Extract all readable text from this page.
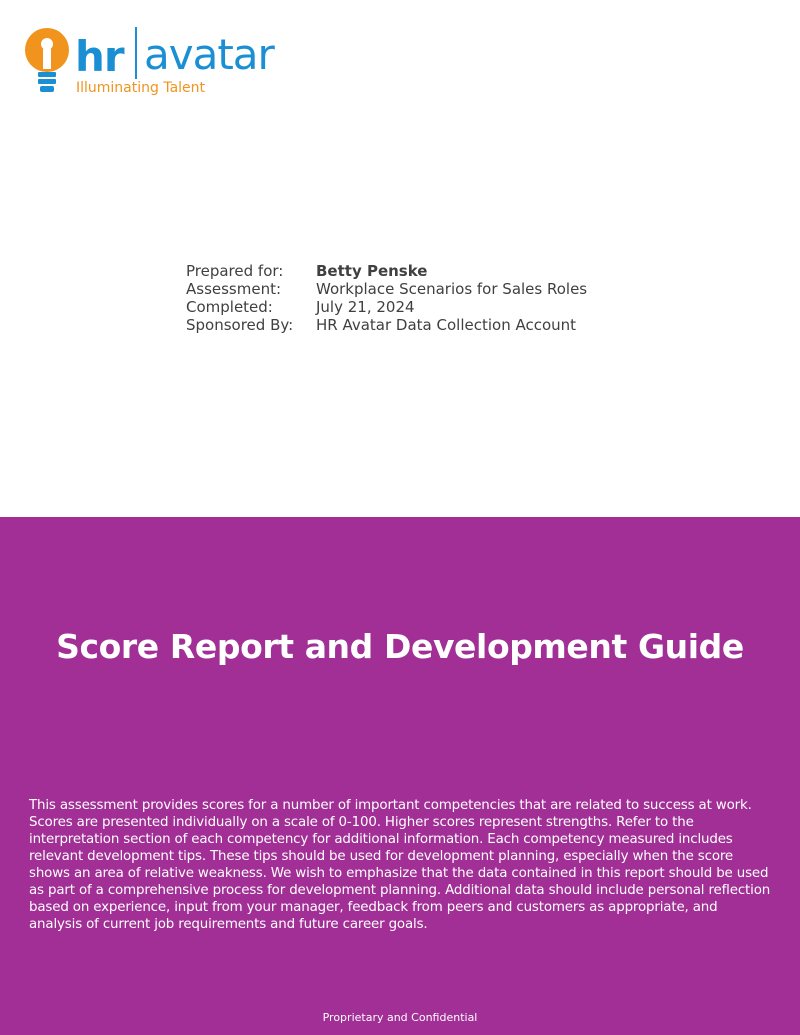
hr avatar
Illuminating Talent
Prepared for:	Betty Penske
Assessment:	Workplace Scenarios for Sales Roles
Completed:	July 21, 2024
Sponsored By:	HR Avatar Data Collection Account
Score Report and Development Guide
This assessment provides scores for a number of important competencies that are related to success at work. Scores are presented individually on a scale of 0-100. Higher scores represent strengths. Refer to the interpretation section of each competency for additional information. Each competency measured includes relevant development tips. These tips should be used for development planning, especially when the score shows an area of relative weakness. We wish to emphasize that the data contained in this report should be used as part of a comprehensive process for development planning. Additional data should include personal reflection based on experience, input from your manager, feedback from peers and customers as appropriate, and analysis of current job requirements and future career goals.
Proprietary and Confidential
